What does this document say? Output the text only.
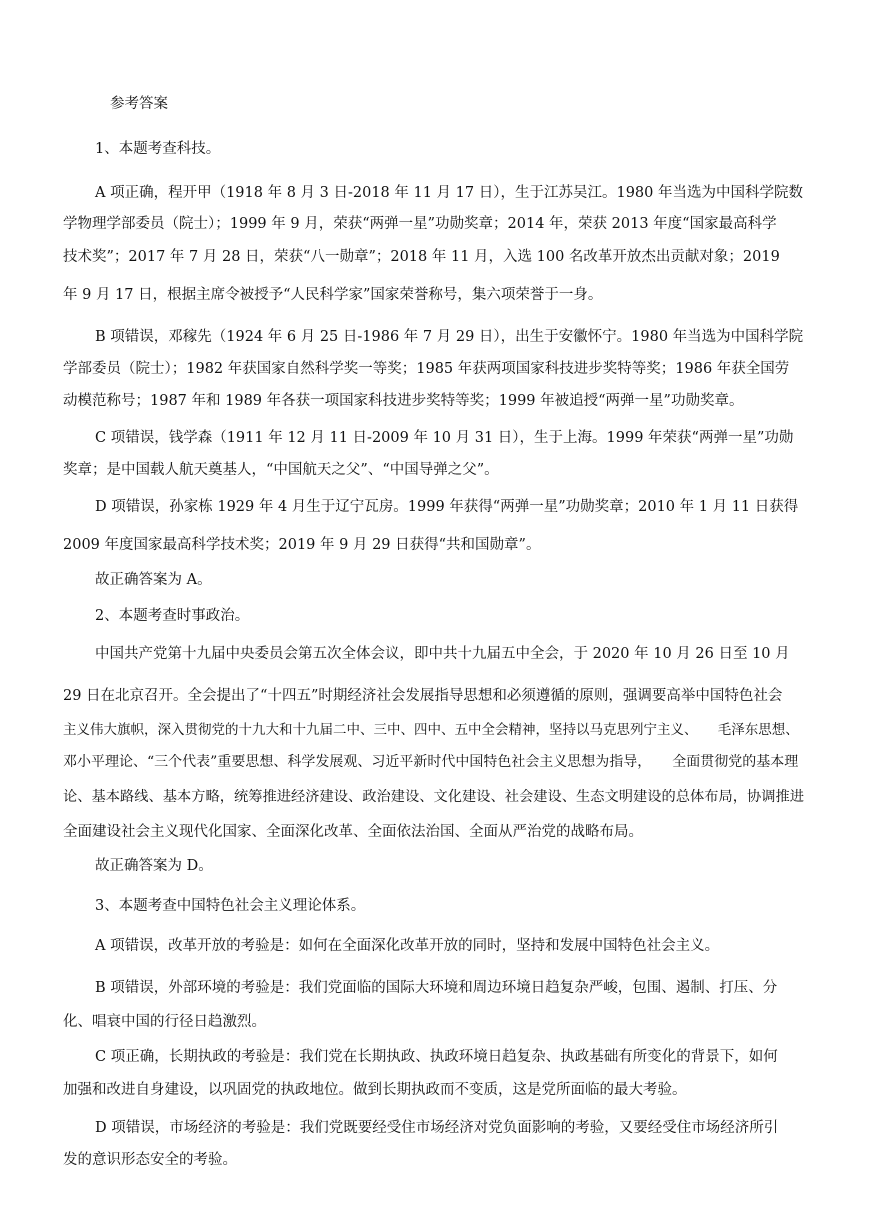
参考答案
1、本题考查科技。
A 项正确，程开甲（1918 年 8 月 3 日-2018 年 11 月 17 日），生于江苏吴江。1980 年当选为中国科学院数
学物理学部委员（院士）；1999 年 9 月，荣获“两弹一星”功勋奖章；2014 年，荣获 2013 年度“国家最高科学
技术奖”；2017 年 7 月 28 日，荣获“八一勋章”；2018 年 11 月，入选 100 名改革开放杰出贡献对象；2019
年 9 月 17 日，根据主席令被授予“人民科学家”国家荣誉称号，集六项荣誉于一身。
B 项错误，邓稼先（1924 年 6 月 25 日-1986 年 7 月 29 日），出生于安徽怀宁。1980 年当选为中国科学院
学部委员（院士）；1982 年获国家自然科学奖一等奖；1985 年获两项国家科技进步奖特等奖；1986 年获全国劳
动模范称号；1987 年和 1989 年各获一项国家科技进步奖特等奖；1999 年被追授“两弹一星”功勋奖章。
C 项错误，钱学森（1911 年 12 月 11 日-2009 年 10 月 31 日），生于上海。1999 年荣获“两弹一星”功勋
奖章；是中国载人航天奠基人，“中国航天之父”、“中国导弹之父”。
D 项错误，孙家栋 1929 年 4 月生于辽宁瓦房。1999 年获得“两弹一星”功勋奖章；2010 年 1 月 11 日获得
2009 年度国家最高科学技术奖；2019 年 9 月 29 日获得“共和国勋章”。
故正确答案为 A。
2、本题考查时事政治。
中国共产党第十九届中央委员会第五次全体会议，即中共十九届五中全会，于 2020 年 10 月 26 日至 10 月
29 日在北京召开。全会提出了“十四五”时期经济社会发展指导思想和必须遵循的原则，强调要高举中国特色社会
主义伟大旗帜，深入贯彻党的十九大和十九届二中、三中、四中、五中全会精神，坚持以马克思列宁主义、　　毛泽东思想、
邓小平理论、“三个代表”重要思想、科学发展观、习近平新时代中国特色社会主义思想为指导，　　全面贯彻党的基本理
论、基本路线、基本方略，统筹推进经济建设、政治建设、文化建设、社会建设、生态文明建设的总体布局，协调推进
全面建设社会主义现代化国家、全面深化改革、全面依法治国、全面从严治党的战略布局。
故正确答案为 D。
3、本题考查中国特色社会主义理论体系。
A 项错误，改革开放的考验是：如何在全面深化改革开放的同时，坚持和发展中国特色社会主义。
B 项错误，外部环境的考验是：我们党面临的国际大环境和周边环境日趋复杂严峻，包围、遏制、打压、分
化、唱衰中国的行径日趋激烈。
C 项正确，长期执政的考验是：我们党在长期执政、执政环境日趋复杂、执政基础有所变化的背景下，如何
加强和改进自身建设，以巩固党的执政地位。做到长期执政而不变质，这是党所面临的最大考验。
D 项错误，市场经济的考验是：我们党既要经受住市场经济对党负面影响的考验，又要经受住市场经济所引
发的意识形态安全的考验。
